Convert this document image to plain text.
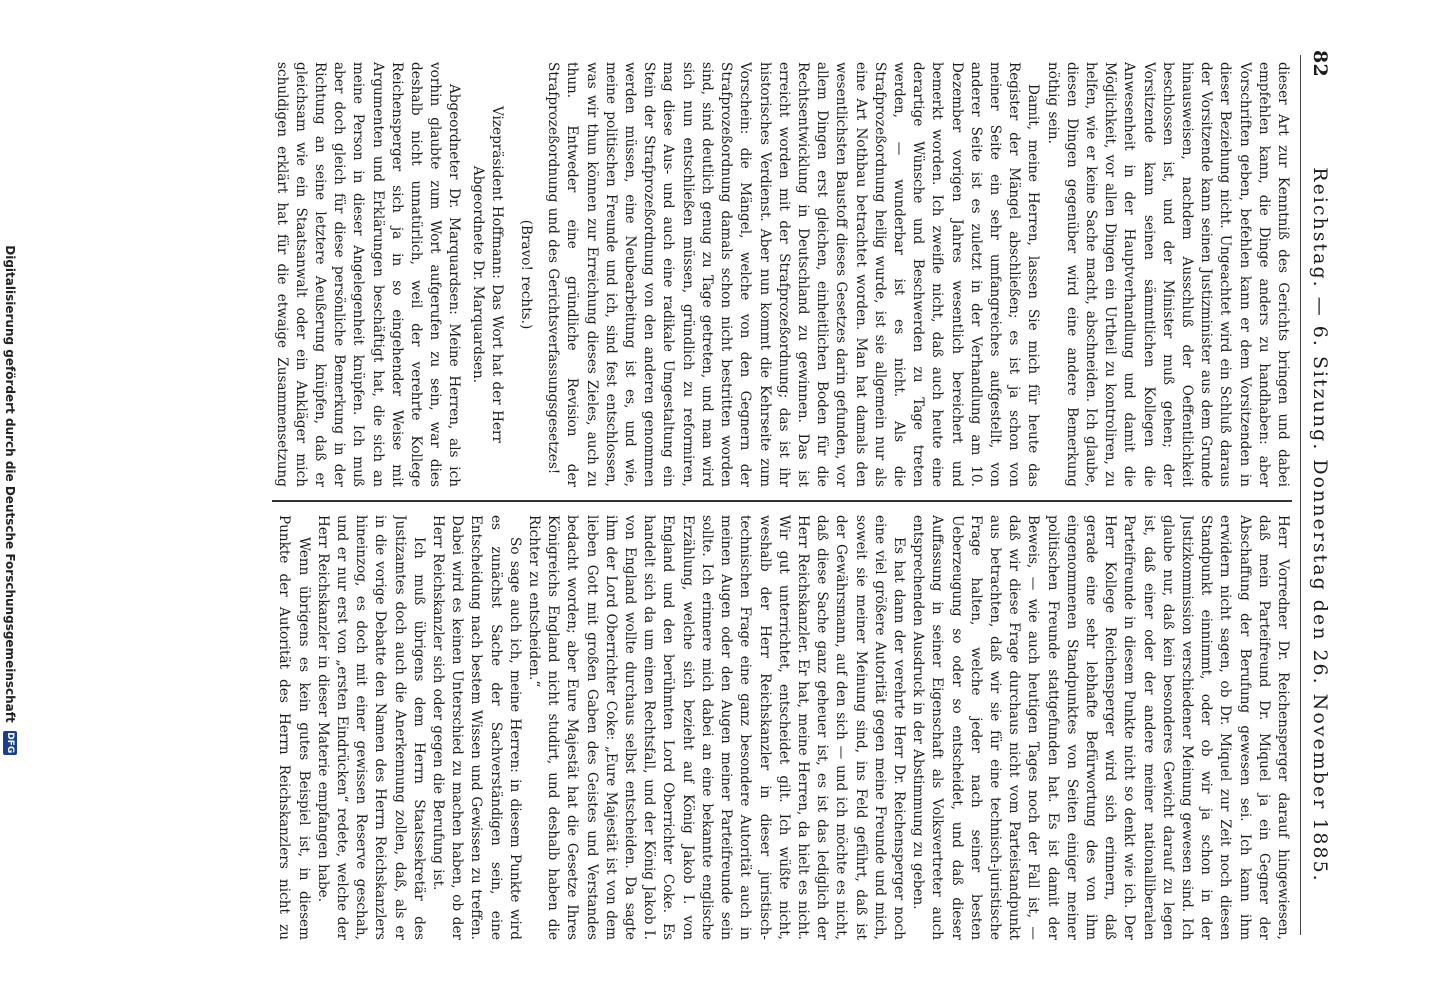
82
Reichstag. — 6. Sitzung. Donnerstag den 26. November 1885.

dieser Art zur Kenntniß des Gerichts bringen und dabei empfehlen kann, die Dinge anders zu handhaben: aber Vorschriften geben, befehlen kann er dem Vorsitzenden in dieser Beziehung nicht. Ungeachtet wird ein Schluß daraus der Vorsitzende kann seinen Justizminister aus dem Grunde hinausweisen, nachdem Ausschluß der Oeffentlichkeit beschlossen ist, und der Minister muß gehen; der Vorsitzende kann seinen sämmtlichen Kollegen die Anwesenheit in der Hauptverhandlung und damit die Möglichkeit, vor allen Dingen ein Urtheil zu kontroliren, zu helfen, wie er keine Sache macht, abschneiden. Ich glaube, diesen Dingen gegenüber wird eine andere Bemerkung nöthig sein.

Damit, meine Herren, lassen Sie mich für heute das Register der Mängel abschließen; es ist ja schon von meiner Seite ein sehr umfangreiches aufgestellt, von anderer Seite ist es zuletzt in der Verhandlung am 10. Dezember vorigen Jahres wesentlich bereichert und bemerkt worden. Ich zweifle nicht, daß auch heute eine derartige Wünsche und Beschwerden zu Tage treten werden, — wunderbar ist es nicht. Als die Strafprozeßordnung heilig wurde, ist sie allgemein nur als eine Art Nothbau betrachtet worden. Man hat damals den wesentlichsten Baustoff dieses Gesetzes darin gefunden, vor allem Dingen erst gleichen, einheitlichen Boden für die Rechtsentwicklung in Deutschland zu gewinnen. Das ist erreicht worden mit der Strafprozeßordnung; das ist ihr historisches Verdienst. Aber nun kommt die Kehrseite zum Vorschein: die Mängel, welche von den Gegnern der Strafprozeßordnung damals schon nicht bestritten worden sind, sind deutlich genug zu Tage getreten, und man wird sich nun entschließen müssen, gründlich zu reformiren, mag diese Aus- und auch eine radikale Umgestaltung ein Stein der Strafprozeßordnung von den anderen genommen werden müssen, eine Neubearbeitung ist es, und wie, meine politischen Freunde und ich, sind fest entschlossen, was wir thun können zur Erreichung dieses Zieles, auch zu thun. Entweder eine gründliche Revision der Strafprozeßordnung und des Gerichtsverfassungsgesetzes!

(Bravo! rechts.)

Vizepräsident Hoffmann: Das Wort hat der Herr Abgeordnete Dr. Marquardsen.

Abgeordneter Dr. Marquardsen: Meine Herren, als ich vorhin glaubte zum Wort aufgerufen zu sein, war dies deshalb nicht unnatürlich, weil der verehrte Kollege Reichensperger sich ja in so eingehender Weise mit Argumenten und Erklärungen beschäftigt hat, die sich an meine Person in dieser Angelegenheit knüpfen. Ich muß aber doch gleich für diese persönliche Bemerkung in der Richtung an seine letztere Aeußerung knüpfen, daß er gleichsam wie ein Staatsanwalt oder ein Ankläger mich schuldigen erklärt hat für die etwaige Zusammensetzung

Herr Vorredner Dr. Reichensperger darauf hingewiesen, daß mein Parteifreund Dr. Miquel ja ein Gegner der Abschaffung der Berufung gewesen sei. Ich kann ihm erwidern nicht sagen, ob Dr. Miquel zur Zeit noch diesen Standpunkt einnimmt, oder ob wir ja schon in der Justizkommission verschiedener Meinung gewesen sind. Ich glaube nur, daß kein besonderes Gewicht darauf zu legen ist, daß einer oder der andere meiner nationalliberalen Parteifreunde in diesem Punkte nicht so denkt wie ich. Der Herr Kollege Reichensperger wird sich erinnern, daß gerade eine sehr lebhafte Befürwortung des von ihm eingenommenen Standpunktes von Seiten einiger meiner politischen Freunde stattgefunden hat. Es ist damit der Beweis, — wie auch heutigen Tages noch der Fall ist, — daß wir diese Frage durchaus nicht vom Parteistandpunkt aus betrachten, daß wir sie für eine technisch-juristische Frage halten, welche jeder nach seiner besten Ueberzeugung so oder so entscheidet, und daß dieser Auffassung in seiner Eigenschaft als Volksvertreter auch entsprechenden Ausdruck in der Abstimmung zu geben.

Es hat dann der verehrte Herr Dr. Reichensperger noch eine viel größere Autorität gegen meine Freunde und mich, soweit sie meiner Meinung sind, ins Feld geführt, daß ist der Gewährsmann, auf den sich — und ich möchte es nicht, daß diese Sache ganz geheuer ist, es ist das lediglich der Herr Reichskanzler. Er hat, meine Herren, da hielt es nicht. Wir gut unterrichtet, entscheidet gilt. Ich wüßte nicht, weshalb der Herr Reichskanzler in dieser juristisch-technischen Frage eine ganz besondere Autorität auch in meinen Augen oder den Augen meiner Parteifreunde sein sollte. Ich erinnere mich dabei an eine bekannte englische Erzählung, welche sich bezieht auf König Jakob I. von England und den berühmten Lord Oberrichter Coke. Es handelt sich da um einen Rechtsfall, und der König Jakob I. von England wollte durchaus selbst entscheiden. Da sagte ihm der Lord Oberrichter Coke: „Eure Majestät ist von dem lieben Gott mit großen Gaben des Geistes und Verstandes bedacht worden; aber Eure Majestät hat die Gesetze Ihres Königreichs England nicht studirt, und deshalb haben die Richter zu entscheiden.“

So sage auch ich, meine Herren: in diesem Punkte wird es zunächst Sache der Sachverständigen sein, eine Entscheidung nach bestem Wissen und Gewissen zu treffen. Dabei wird es keinen Unterschied zu machen haben, ob der Herr Reichskanzler sich oder gegen die Berufung ist.

Ich muß übrigens dem Herrn Staatssekretär des Justizamtes doch auch die Anerkennung zollen, daß, als er in die vorige Debatte den Namen des Herrn Reichskanzlers hineinzog, es doch mit einer gewissen Reserve geschah, und er nur erst von „ersten Eindrücken“ redete, welche der Herr Reichskanzler in dieser Materie empfangen habe.

Wenn übrigens es kein gutes Beispiel ist, in diesem Punkte der Autorität des Herrn Reichskanzlers nicht zu

Digitalisierung gefördert durch die Deutsche Forschungsgemeinschaft
DFG
